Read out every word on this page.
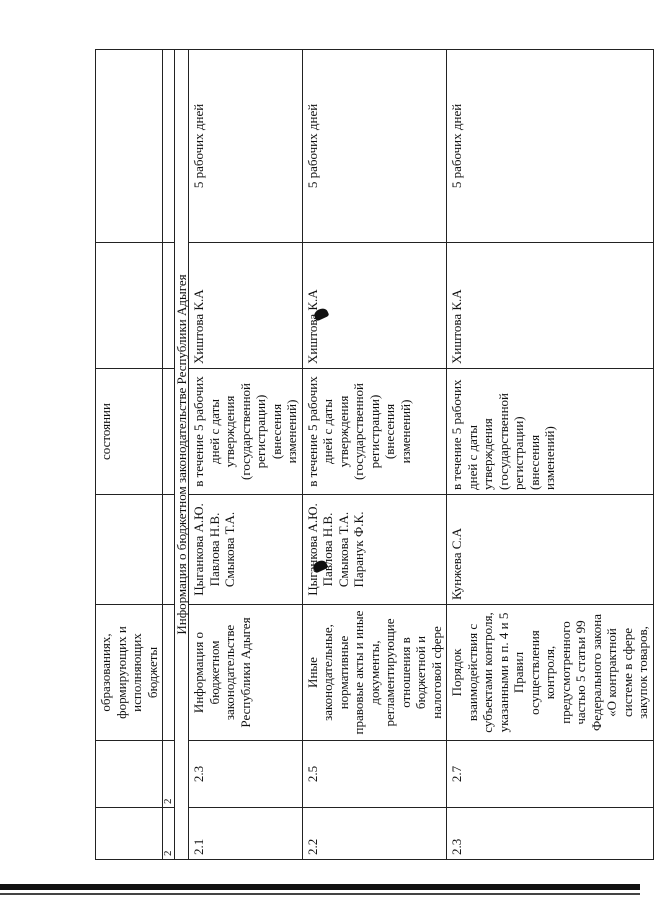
		образованиях, формирующих и исполняющих бюджеты		состоянии		
2	2					
Информация о бюджетном законодательстве Республики Адыгея						
2.1	2.3	Информация о бюджетном законодательстве Республики Адыгея	Цыганкова А.Ю. Павлова Н.В. Смыкова Т.А.	в течение 5 рабочих дней с даты утверждения (государственной регистрации) (внесения изменений)	Хиштова К.А	5 рабочих дней
2.2	2.5	Иные законодательные, нормативные правовые акты и иные документы, регламентирующие отношения в бюджетной и налоговой сфере	Цыганкова А.Ю. Павлова Н.В. Смыкова Т.А. Паранук Ф.К.	в течение 5 рабочих дней с даты утверждения (государственной регистрации) (внесения изменений)	Хиштова К.А	5 рабочих дней
2.3	2.7	Порядок взаимодействия с субъектами контроля, указанными в п. 4 и 5 Правил осуществления контроля, предусмотренного частью 5 статьи 99 Федерального закона «О контрактной системе в сфере закупок товаров,	Кунжева С.А	в течение 5 рабочих дней с даты утверждения (государственной регистрации) (внесения изменений)	Хиштова К.А	5 рабочих дней
